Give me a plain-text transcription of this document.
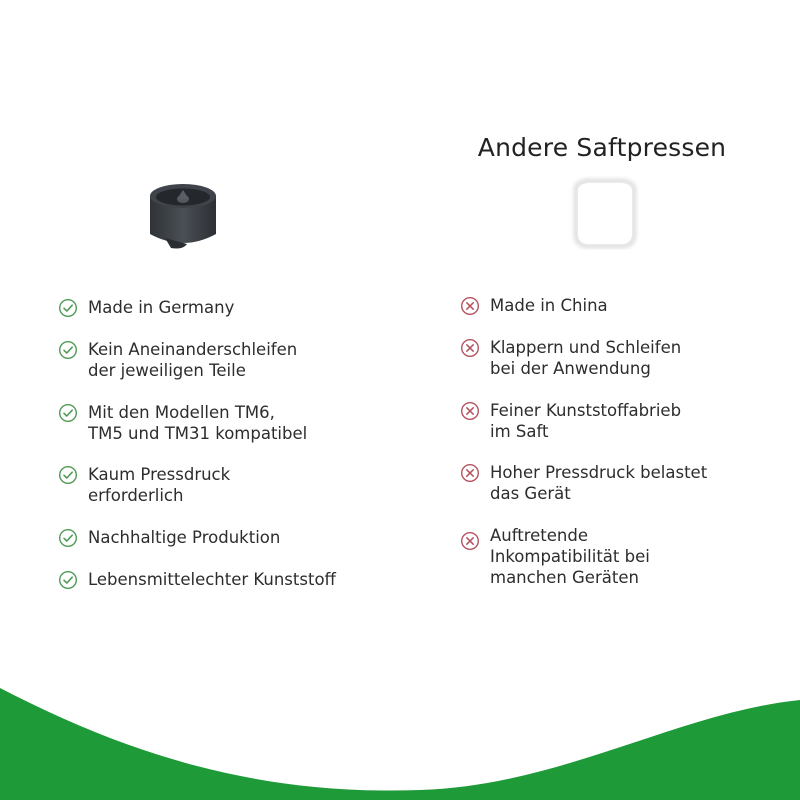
Made in Germany
Kein Aneinanderschleifen
der jeweiligen Teile
Mit den Modellen TM6,
TM5 und TM31 kompatibel
Kaum Pressdruck
erforderlich
Nachhaltige Produktion
Lebensmittelechter Kunststoff
Andere Saftpressen
Made in China
Klappern und Schleifen
bei der Anwendung
Feiner Kunststoffabrieb
im Saft
Hoher Pressdruck belastet
das Gerät
Auftretende
Inkompatibilität bei
manchen Geräten
